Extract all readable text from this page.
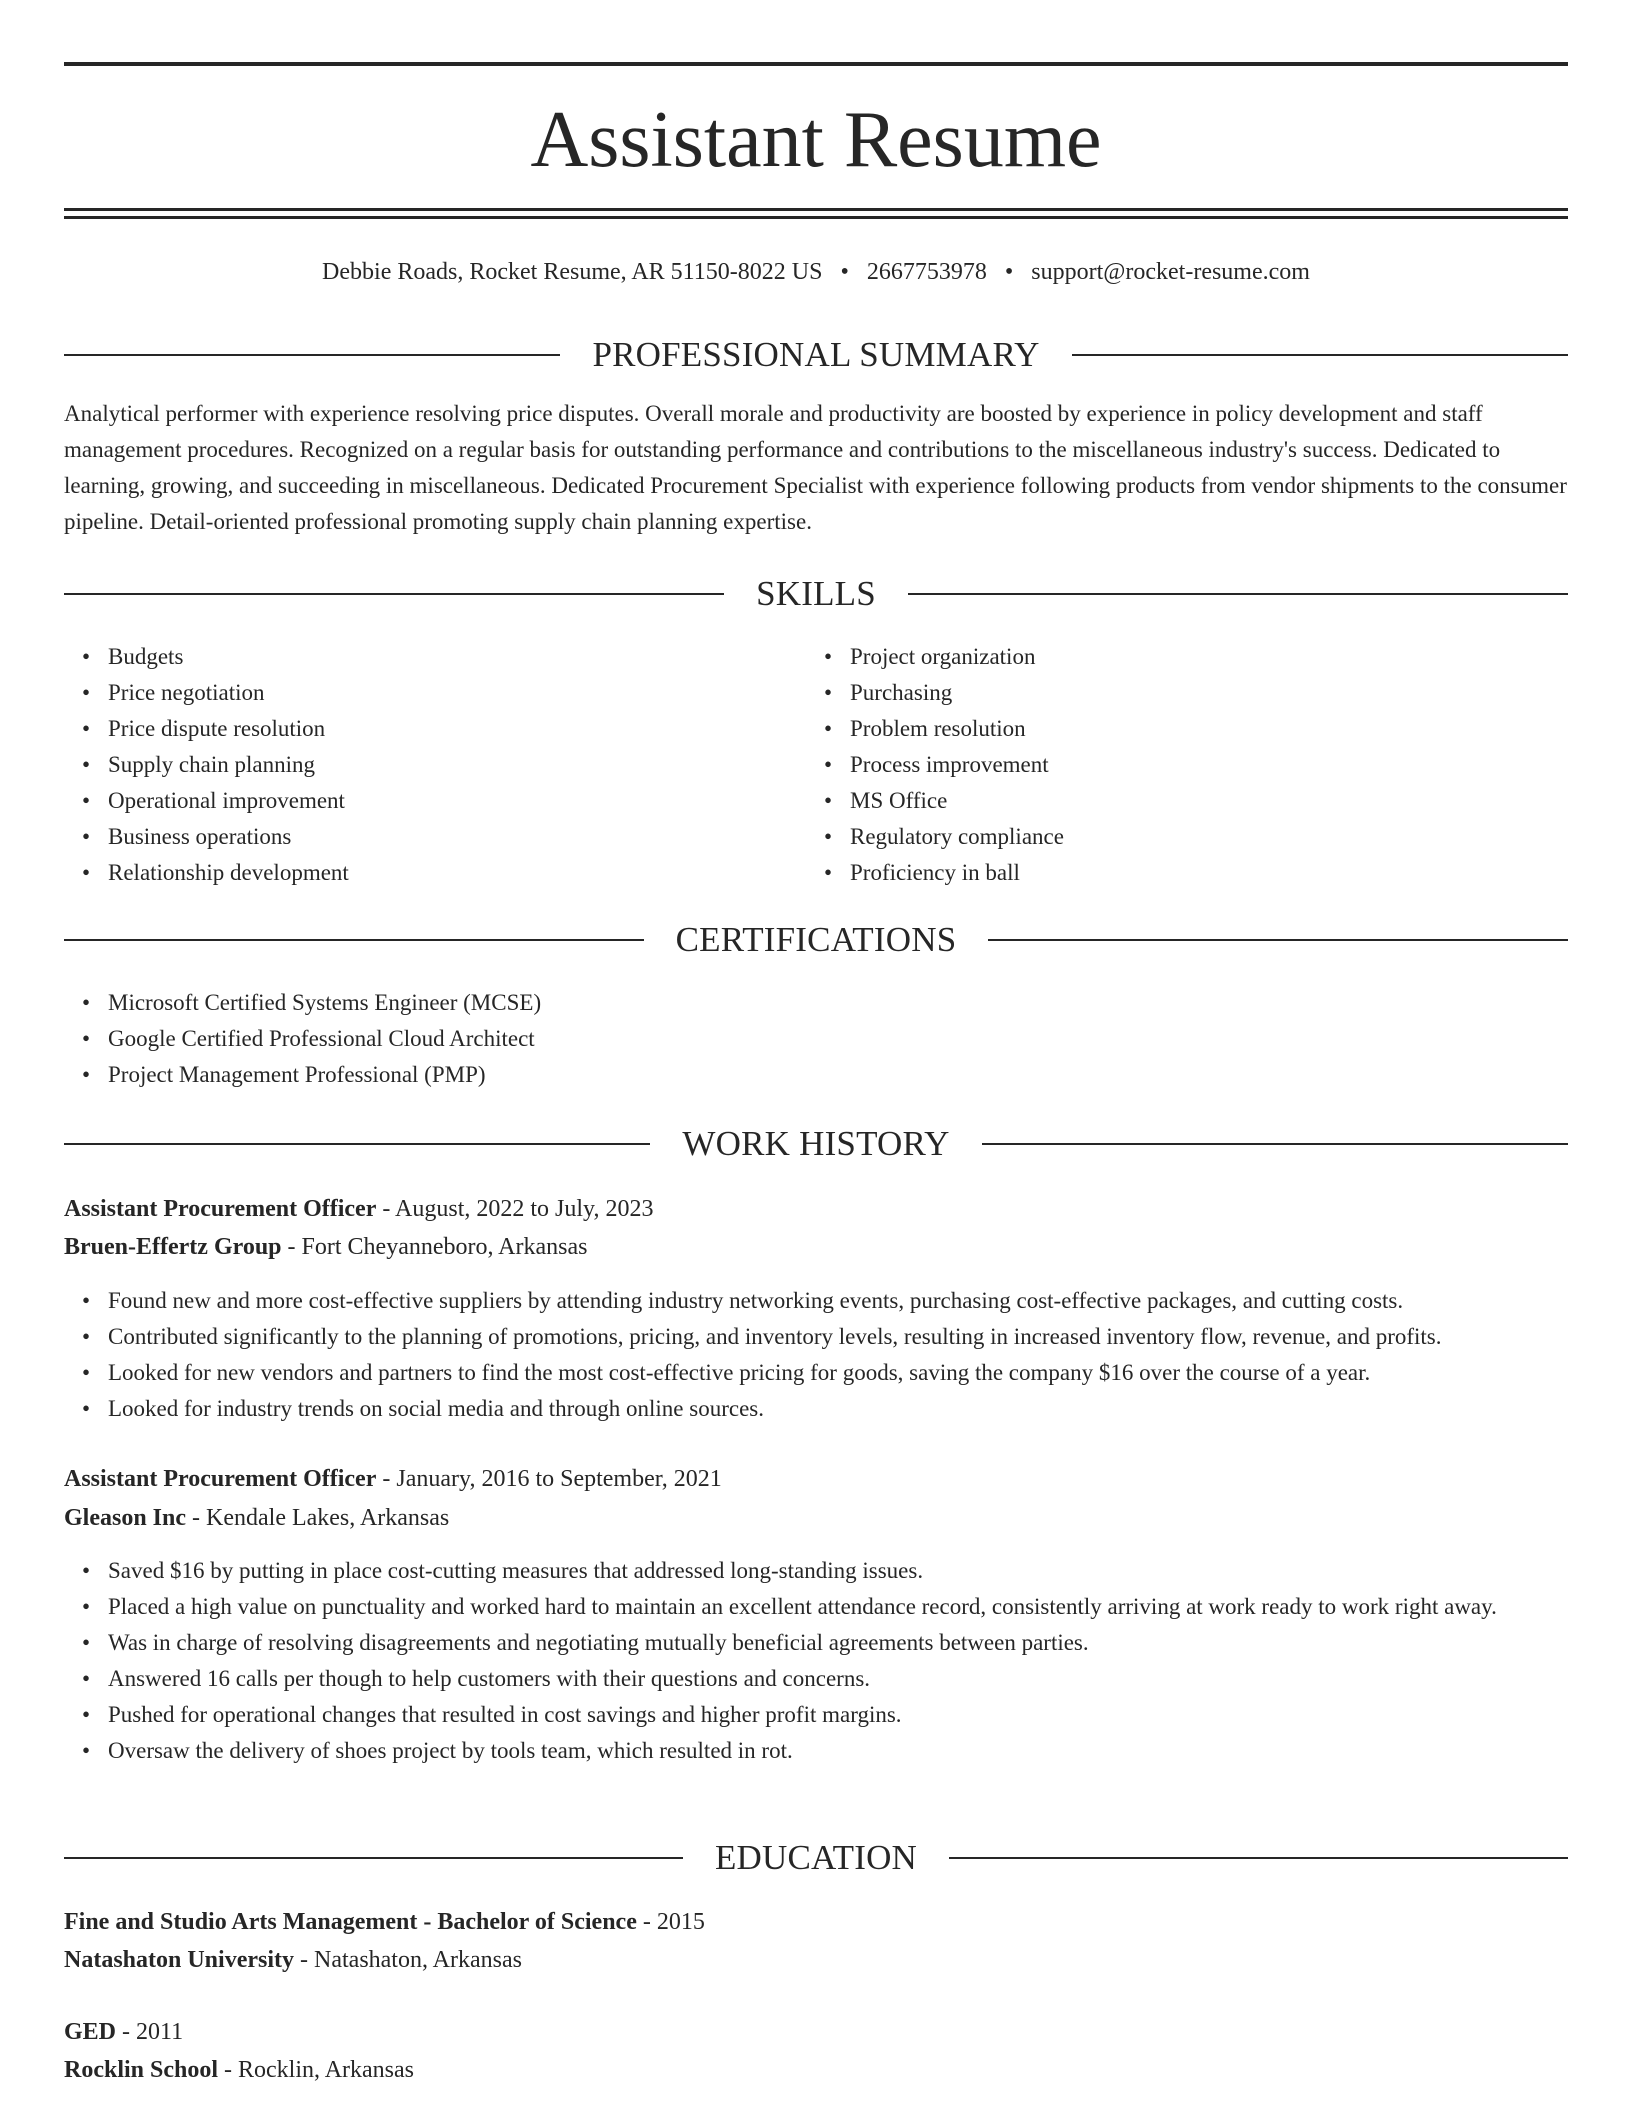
Assistant Resume
Debbie Roads, Rocket Resume, AR 51150-8022 US • 2667753978 • support@rocket-resume.com
PROFESSIONAL SUMMARY

Analytical performer with experience resolving price disputes. Overall morale and productivity are boosted by experience in policy development and staff management procedures. Recognized on a regular basis for outstanding performance and contributions to the miscellaneous industry's success. Dedicated to learning, growing, and succeeding in miscellaneous. Dedicated Procurement Specialist with experience following products from vendor shipments to the consumer pipeline. Detail-oriented professional promoting supply chain planning expertise.

SKILLS
• Budgets
• Price negotiation
• Price dispute resolution
• Supply chain planning
• Operational improvement
• Business operations
• Relationship development
• Project organization
• Purchasing
• Problem resolution
• Process improvement
• MS Office
• Regulatory compliance
• Proficiency in ball
CERTIFICATIONS
• Microsoft Certified Systems Engineer (MCSE)
• Google Certified Professional Cloud Architect
• Project Management Professional (PMP)
WORK HISTORY
Assistant Procurement Officer - August, 2022 to July, 2023
Bruen-Effertz Group - Fort Cheyanneboro, Arkansas
• Found new and more cost-effective suppliers by attending industry networking events, purchasing cost-effective packages, and cutting costs.
• Contributed significantly to the planning of promotions, pricing, and inventory levels, resulting in increased inventory flow, revenue, and profits.
• Looked for new vendors and partners to find the most cost-effective pricing for goods, saving the company $16 over the course of a year.
• Looked for industry trends on social media and through online sources.
Assistant Procurement Officer - January, 2016 to September, 2021
Gleason Inc - Kendale Lakes, Arkansas
• Saved $16 by putting in place cost-cutting measures that addressed long-standing issues.
• Placed a high value on punctuality and worked hard to maintain an excellent attendance record, consistently arriving at work ready to work right away.
• Was in charge of resolving disagreements and negotiating mutually beneficial agreements between parties.
• Answered 16 calls per though to help customers with their questions and concerns.
• Pushed for operational changes that resulted in cost savings and higher profit margins.
• Oversaw the delivery of shoes project by tools team, which resulted in rot.
EDUCATION
Fine and Studio Arts Management - Bachelor of Science - 2015
Natashaton University - Natashaton, Arkansas
GED - 2011
Rocklin School - Rocklin, Arkansas
